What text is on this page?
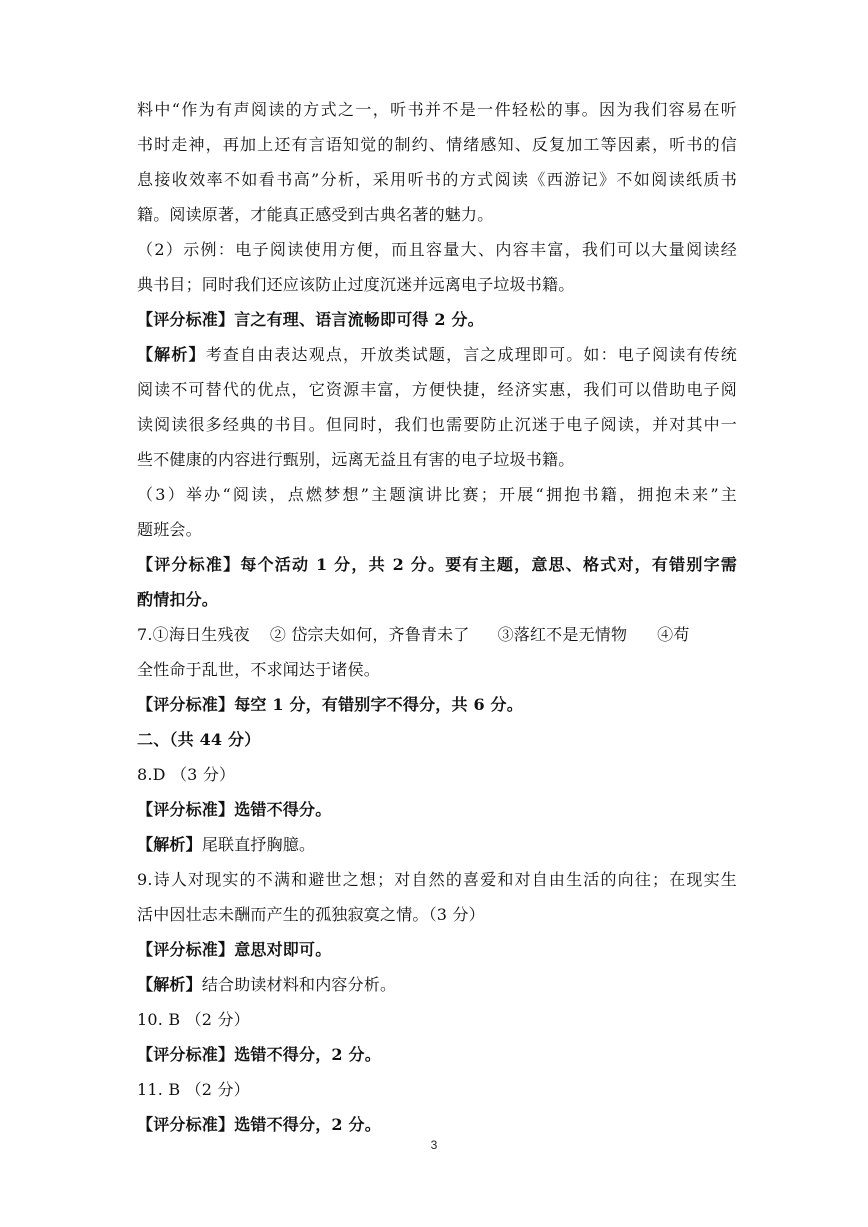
料中“作为有声阅读的方式之一，听书并不是一件轻松的事。因为我们容易在听
书时走神，再加上还有言语知觉的制约、情绪感知、反复加工等因素，听书的信
息接收效率不如看书高”分析，采用听书的方式阅读《西游记》不如阅读纸质书
籍。阅读原著，才能真正感受到古典名著的魅力。
（2）示例：电子阅读使用方便，而且容量大、内容丰富，我们可以大量阅读经
典书目；同时我们还应该防止过度沉迷并远离电子垃圾书籍。
【评分标准】言之有理、语言流畅即可得 2 分。
【解析】考查自由表达观点，开放类试题，言之成理即可。如：电子阅读有传统
阅读不可替代的优点，它资源丰富，方便快捷，经济实惠，我们可以借助电子阅
读阅读很多经典的书目。但同时，我们也需要防止沉迷于电子阅读，并对其中一
些不健康的内容进行甄别，远离无益且有害的电子垃圾书籍。
（3）举办“阅读，点燃梦想”主题演讲比赛；开展“拥抱书籍，拥抱未来”主
题班会。
【评分标准】每个活动 1 分，共 2 分。要有主题，意思、格式对，有错别字需
酌情扣分。
7.①海日生残夜 ② 岱宗夫如何，齐鲁青未了 ③落红不是无情物 ④苟
全性命于乱世，不求闻达于诸侯。
【评分标准】每空 1 分，有错别字不得分，共 6 分。
二、（共 44 分）
8.D （3 分）
【评分标准】选错不得分。
【解析】尾联直抒胸臆。
9.诗人对现实的不满和避世之想；对自然的喜爱和对自由生活的向往；在现实生
活中因壮志未酬而产生的孤独寂寞之情。（3 分）
【评分标准】意思对即可。
【解析】结合助读材料和内容分析。
10. B （2 分）
【评分标准】选错不得分，2 分。
11. B （2 分）
【评分标准】选错不得分，2 分。
3
